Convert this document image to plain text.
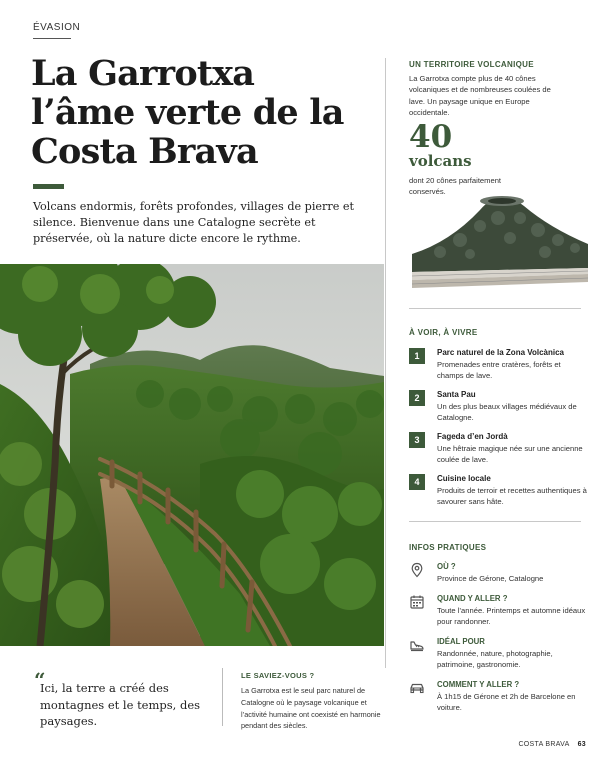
ÉVASION
La Garrotxa
l’âme verte de la
Costa Brava

Volcans endormis, forêts profondes, villages de pierre et silence. Bienvenue dans une Catalogne secrète et préservée, où la nature dicte encore le rythme.

“

Ici, la terre a créé des montagnes et le temps, des paysages.

LE SAVIEZ-VOUS ?

La Garrotxa est le seul parc naturel de Catalogne où le paysage volcanique et l’activité humaine ont coexisté en harmonie pendant des siècles.

UN TERRITOIRE VOLCANIQUE

La Garrotxa compte plus de 40 cônes volcaniques et de nombreuses coulées de lave. Un paysage unique en Europe occidentale.

40
volcans

dont 20 cônes parfaitement conservés.

À VOIR, À VIVRE
1	Parc naturel de la Zona Volcànica
Promenades entre cratères, forêts et champs de lave.
2	Santa Pau
Un des plus beaux villages médiévaux de Catalogne.
3	Fageda d’en Jordà
Une hêtraie magique née sur une ancienne coulée de lave.
4	Cuisine locale
Produits de terroir et recettes authentiques à savourer sans hâte.
INFOS PRATIQUES
OÙ ?
Province de Gérone, Catalogne
QUAND Y ALLER ?
Toute l’année. Printemps et automne idéaux pour randonner.
IDÉAL POUR
Randonnée, nature, photographie, patrimoine, gastronomie.
COMMENT Y ALLER ?
À 1h15 de Gérone et 2h de Barcelone en voiture.
COSTA BRAVA 63
